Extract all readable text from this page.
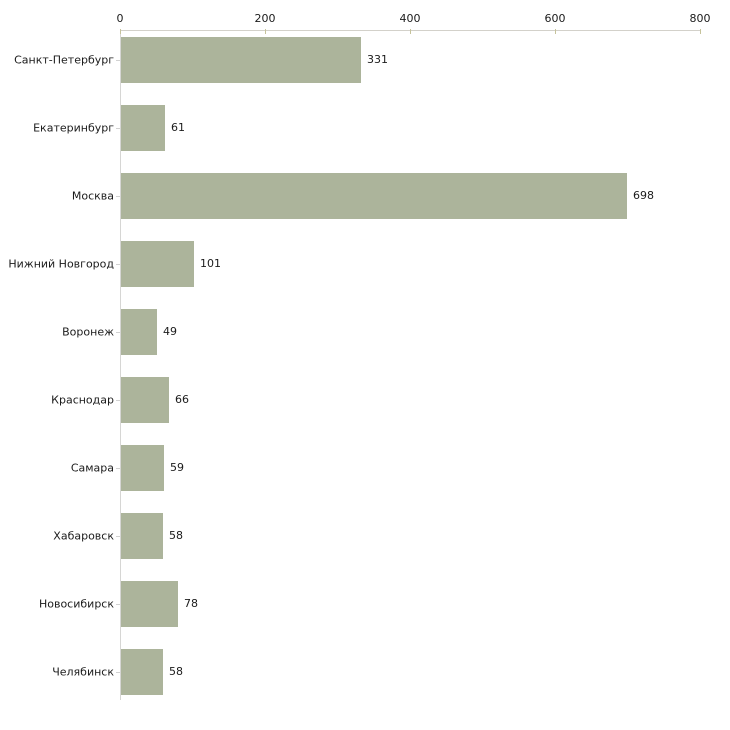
0	200	400	600	800
331
61
698
101
49
66
59
58
78
58
Санкт-Петербург
Екатеринбург
Москва
Нижний Новгород
Воронеж
Краснодар
Самара
Хабаровск
Новосибирск
Челябинск
